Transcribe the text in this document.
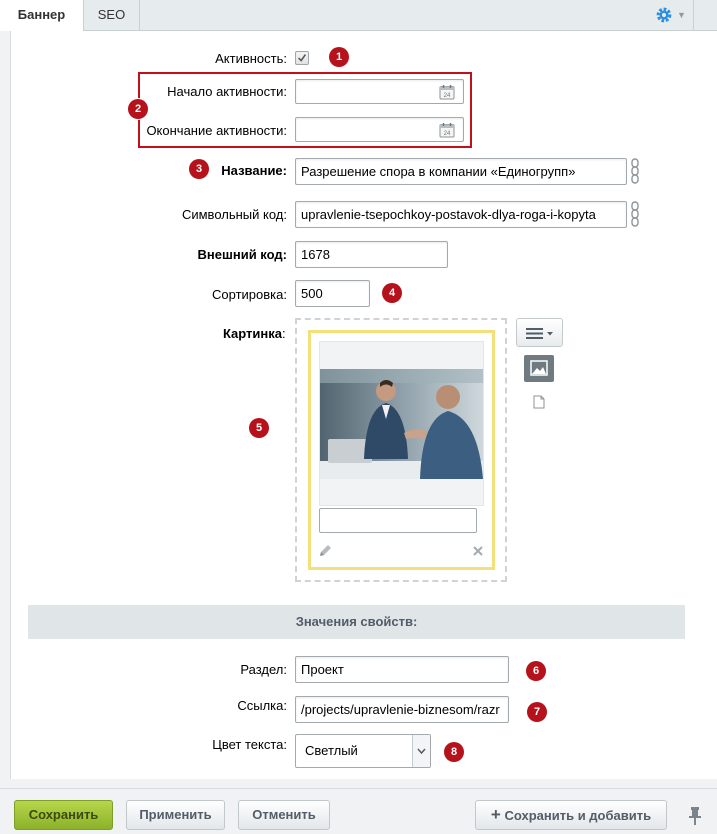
Баннер	SEO	▼
Активность:	1
2
Начало активности:	24
Окончание активности:	24
3	Название:	Разрешение спора в компании «Единогрупп»
Символьный код:	upravlenie-tsepochkoy-postavok-dlya-roga-i-kopyta
Внешний код:	1678
Сортировка:	500	4
Картинка :
5
Значения свойств:
Раздел:	Проект	6
Ссылка:	/projects/upravlenie-biznesom/razr	7
Цвет текста: Светлый	8
Сохранить	Применить	Отменить	+ Сохранить и добавить
